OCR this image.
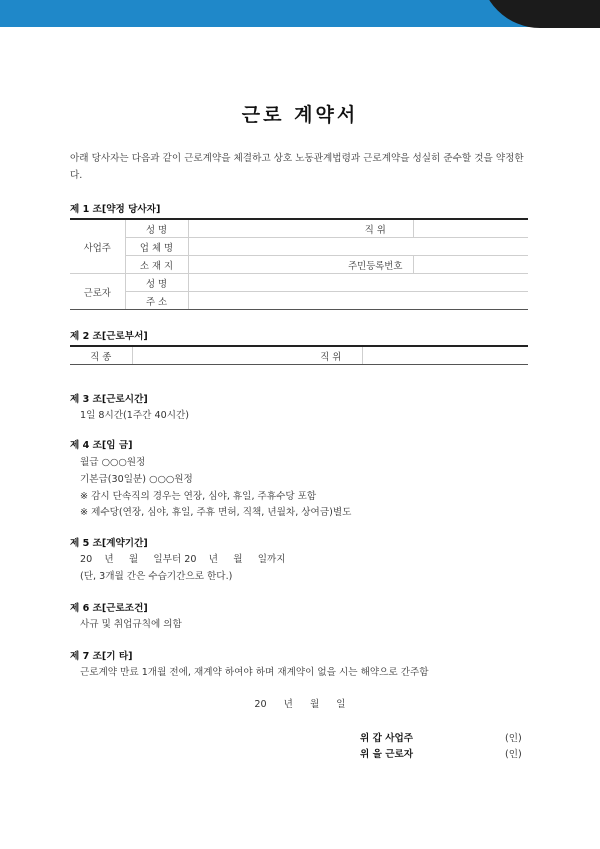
근로 계약서
아래 당사자는 다음과 같이 근로계약을 체결하고 상호 노동관계법령과 근로계약을 성실히 준수할 것을 약정한다.
제 1 조[약정 당사자]
사업주	성 명		직 위	
	업 체 명			
	소 재 지		주민등록번호	
근로자	성 명			
	주 소			
제 2 조[근로부서]
직 종		직 위	
제 3 조[근로시간]
1일 8시간(1주간 40시간)
제 4 조[임 금]
월급 ○○○원정
기본급(30일분) ○○○원정
※ 감시 단속직의 경우는 연장, 심야, 휴일, 주휴수당 포함
※ 제수당(연장, 심야, 휴일, 주휴 면허, 직책, 년월차, 상여금)별도
제 5 조[계약기간]
20    년     월     일부터 20    년     월     일까지
(단, 3개월 간은 수습기간으로 한다.)
제 6 조[근로조건]
사규 및 취업규칙에 의함
제 7 조[기 타]
근로계약 만료 1개월 전에, 재계약 하여야 하며 재계약이 없을 시는 해약으로 간주함
20 년 월 일
위 갑 사업주	(인)
위 을 근로자	(인)
